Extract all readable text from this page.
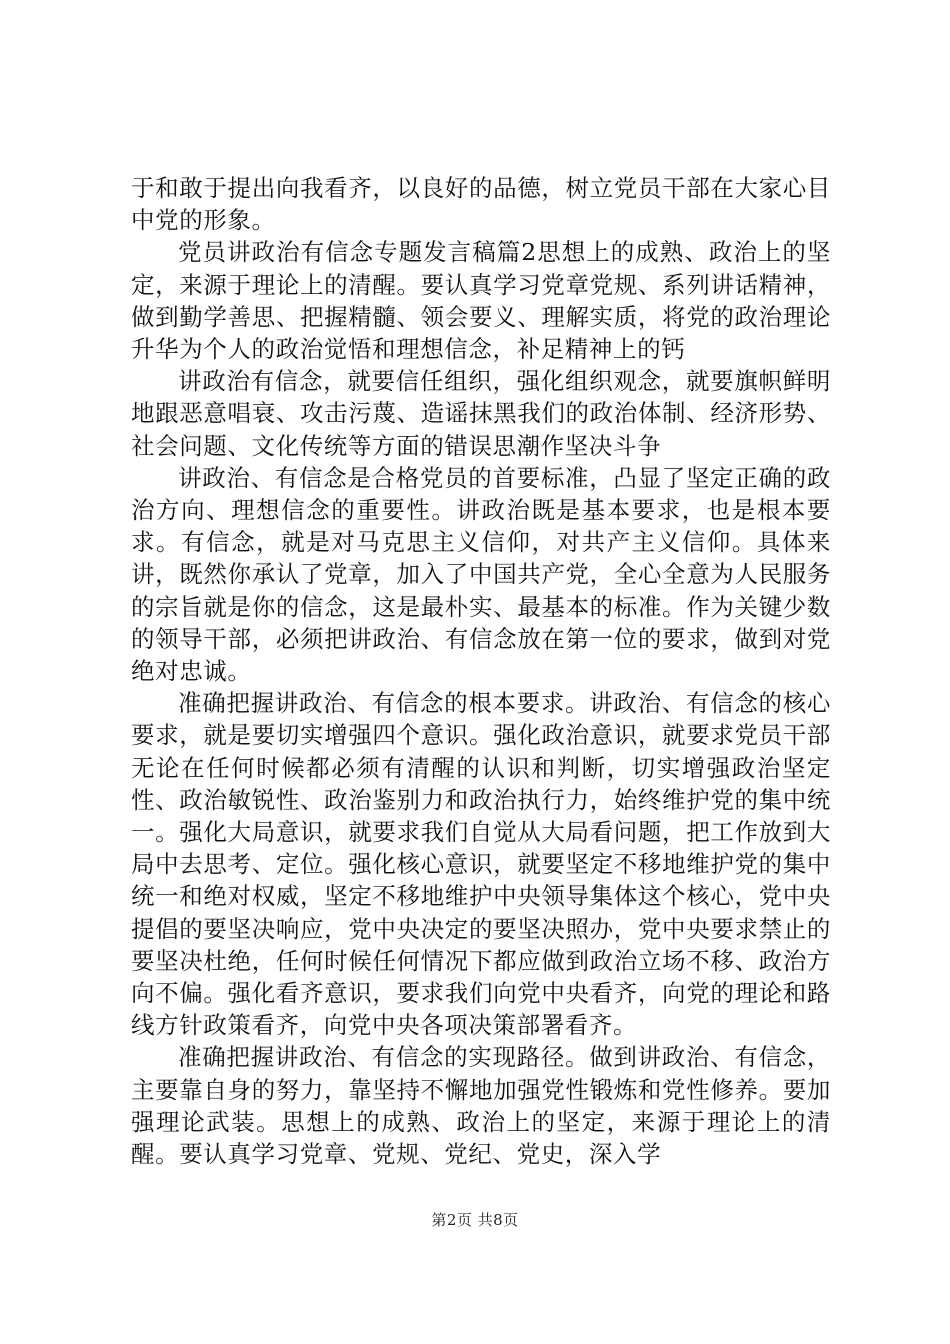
于和敢于提出向我看齐，以良好的品德，树立党员干部在大家心目中党的形象。

党员讲政治有信念专题发言稿篇2思想上的成熟、政治上的坚定，来源于理论上的清醒。要认真学习党章党规、系列讲话精神，做到勤学善思、把握精髓、领会要义、理解实质，将党的政治理论升华为个人的政治觉悟和理想信念，补足精神上的钙

讲政治有信念，就要信任组织，强化组织观念，就要旗帜鲜明地跟恶意唱衰、攻击污蔑、造谣抹黑我们的政治体制、经济形势、社会问题、文化传统等方面的错误思潮作坚决斗争

讲政治、有信念是合格党员的首要标准，凸显了坚定正确的政治方向、理想信念的重要性。讲政治既是基本要求，也是根本要求。有信念，就是对马克思主义信仰，对共产主义信仰。具体来讲，既然你承认了党章，加入了中国共产党，全心全意为人民服务的宗旨就是你的信念，这是最朴实、最基本的标准。作为关键少数的领导干部，必须把讲政治、有信念放在第一位的要求，做到对党绝对忠诚。

准确把握讲政治、有信念的根本要求。讲政治、有信念的核心要求，就是要切实增强四个意识。强化政治意识，就要求党员干部无论在任何时候都必须有清醒的认识和判断，切实增强政治坚定性、政治敏锐性、政治鉴别力和政治执行力，始终维护党的集中统一。强化大局意识，就要求我们自觉从大局看问题，把工作放到大局中去思考、定位。强化核心意识，就要坚定不移地维护党的集中统一和绝对权威，坚定不移地维护中央领导集体这个核心，党中央提倡的要坚决响应，党中央决定的要坚决照办，党中央要求禁止的要坚决杜绝，任何时候任何情况下都应做到政治立场不移、政治方向不偏。强化看齐意识，要求我们向党中央看齐，向党的理论和路线方针政策看齐，向党中央各项决策部署看齐。

准确把握讲政治、有信念的实现路径。做到讲政治、有信念，主要靠自身的努力，靠坚持不懈地加强党性锻炼和党性修养。要加强理论武装。思想上的成熟、政治上的坚定，来源于理论上的清醒。要认真学习党章、党规、党纪、党史，深入学

第2页 共8页
